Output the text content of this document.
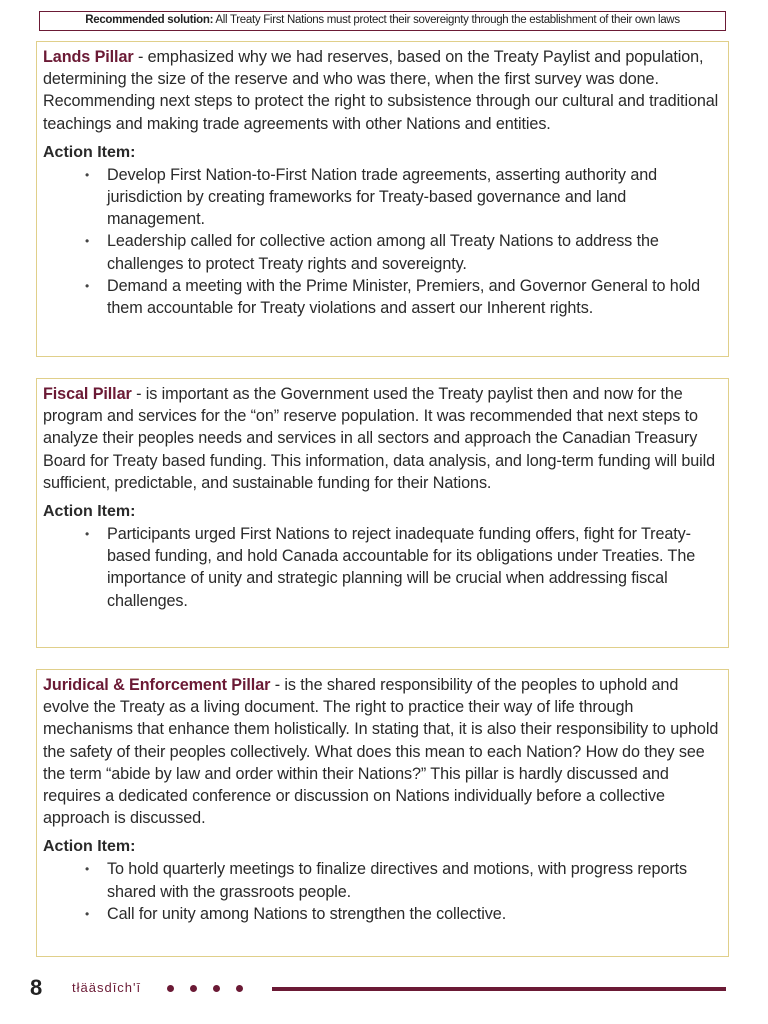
Recommended solution: All Treaty First Nations must protect their sovereignty through the establishment of their own laws

Lands Pillar - emphasized why we had reserves, based on the Treaty Paylist and population, determining the size of the reserve and who was there, when the first survey was done. Recommending next steps to protect the right to subsistence through our cultural and traditional teachings and making trade agreements with other Nations and entities.

Action Item:
• Develop First Nation-to-First Nation trade agreements, asserting authority and jurisdiction by creating frameworks for Treaty-based governance and land management.
• Leadership called for collective action among all Treaty Nations to address the challenges to protect Treaty rights and sovereignty.
• Demand a meeting with the Prime Minister, Premiers, and Governor General to hold them accountable for Treaty violations and assert our Inherent rights.

Fiscal Pillar - is important as the Government used the Treaty paylist then and now for the program and services for the “on” reserve population. It was recommended that next steps to analyze their peoples needs and services in all sectors and approach the Canadian Treasury Board for Treaty based funding. This information, data analysis, and long-term funding will build sufficient, predictable, and sustainable funding for their Nations.

Action Item:
• Participants urged First Nations to reject inadequate funding offers, fight for Treaty-based funding, and hold Canada accountable for its obligations under Treaties. The importance of unity and strategic planning will be crucial when addressing fiscal challenges.

Juridical & Enforcement Pillar - is the shared responsibility of the peoples to uphold and evolve the Treaty as a living document. The right to practice their way of life through mechanisms that enhance them holistically. In stating that, it is also their responsibility to uphold the safety of their peoples collectively. What does this mean to each Nation? How do they see the term “abide by law and order within their Nations?” This pillar is hardly discussed and requires a dedicated conference or discussion on Nations individually before a collective approach is discussed.

Action Item:
• To hold quarterly meetings to finalize directives and motions, with progress reports shared with the grassroots people.
• Call for unity among Nations to strengthen the collective.
8 tłääsdīch'ī
